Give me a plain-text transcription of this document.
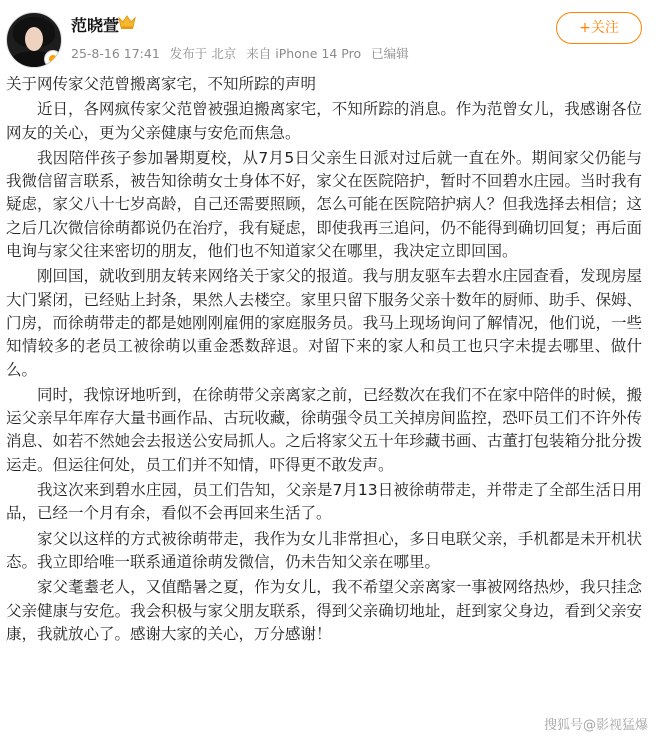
范晓萱
25-8-16 17:41 发布于 北京 来自 iPhone 14 Pro 已编辑
+关注

关于网传家父范曾搬离家宅，不知所踪的声明

近日，各网疯传家父范曾被强迫搬离家宅，不知所踪的消息。作为范曾女儿，我感谢各位网友的关心，更为父亲健康与安危而焦急。

我因陪伴孩子参加暑期夏校，从7月5日父亲生日派对过后就一直在外。期间家父仍能与我微信留言联系，被告知徐萌女士身体不好，家父在医院陪护，暂时不回碧水庄园。当时我有疑虑，家父八十七岁高龄，自己还需要照顾，怎么可能在医院陪护病人？但我选择去相信；这之后几次微信徐萌都说仍在治疗，我有疑虑，即使我再三追问，仍不能得到确切回复；再后面电询与家父往来密切的朋友，他们也不知道家父在哪里，我决定立即回国。

刚回国，就收到朋友转来网络关于家父的报道。我与朋友驱车去碧水庄园查看，发现房屋大门紧闭，已经贴上封条，果然人去楼空。家里只留下服务父亲十数年的厨师、助手、保姆、门房，而徐萌带走的都是她刚刚雇佣的家庭服务员。我马上现场询问了解情况，他们说，一些知情较多的老员工被徐萌以重金悉数辞退。对留下来的家人和员工也只字未提去哪里、做什么。

同时，我惊讶地听到，在徐萌带父亲离家之前，已经数次在我们不在家中陪伴的时候，搬运父亲早年库存大量书画作品、古玩收藏，徐萌强令员工关掉房间监控，恐吓员工们不许外传消息、如若不然她会去报送公安局抓人。之后将家父五十年珍藏书画、古董打包装箱分批分拨运走。但运往何处，员工们并不知情，吓得更不敢发声。

我这次来到碧水庄园，员工们告知，父亲是7月13日被徐萌带走，并带走了全部生活日用品，已经一个月有余，看似不会再回来生活了。

家父以这样的方式被徐萌带走，我作为女儿非常担心，多日电联父亲，手机都是未开机状态。我立即给唯一联系通道徐萌发微信，仍未告知父亲在哪里。

家父耄耋老人，又值酷暑之夏，作为女儿，我不希望父亲离家一事被网络热炒，我只挂念父亲健康与安危。我会积极与家父朋友联系，得到父亲确切地址，赶到家父身边，看到父亲安康，我就放心了。感谢大家的关心，万分感谢！

搜狐号@影视猛爆
